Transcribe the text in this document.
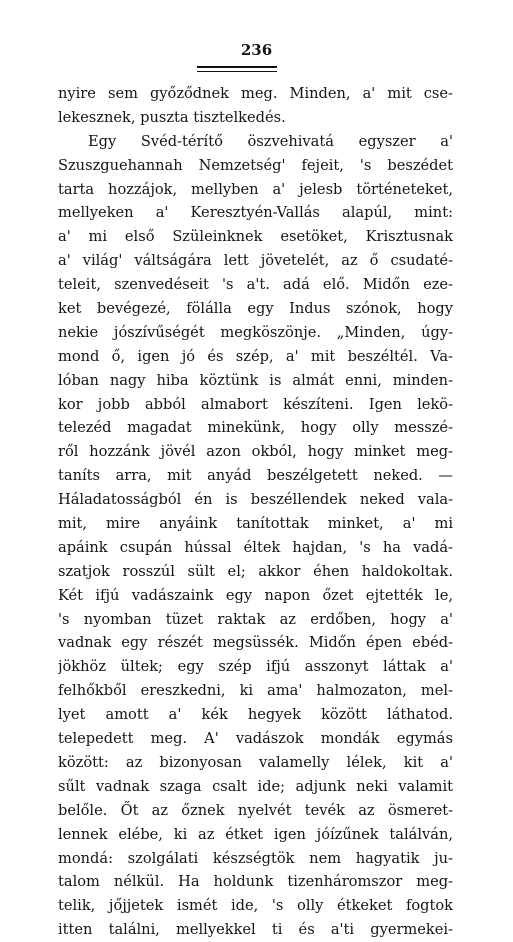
236
nyire sem győződnek meg. Minden, a' mit cse-
lekesznek, puszta tisztelkedés.
Egy Svéd-térítő öszvehivatá egyszer a'
Szuszguehannah Nemzetség' fejeit, 's beszédet
tarta hozzájok, mellyben a' jelesb történeteket,
mellyeken a' Keresztyén-Vallás alapúl, mint:
a' mi első Szüleinknek esetöket, Krisztusnak
a' világ' váltságára lett jövetelét, az ő csudaté-
teleit, szenvedéseit 's a't. adá elő. Midőn eze-
ket bevégezé, fölálla egy Indus szónok, hogy
nekie jószívűségét megköszönje. „Minden, úgy-
mond ő, igen jó és szép, a' mit beszéltél. Va-
lóban nagy hiba köztünk is almát enni, minden-
kor jobb abból almabort készíteni. Igen lekö-
telezéd magadat minekünk, hogy olly messzé-
ről hozzánk jövél azon okból, hogy minket meg-
taníts arra, mit anyád beszélgetett neked. —
Háladatosságból én is beszéllendek neked vala-
mit, mire anyáink tanítottak minket, a' mi
apáink csupán hússal éltek hajdan, 's ha vadá-
szatjok rosszúl sült el; akkor éhen haldokoltak.
Két ifjú vadászaink egy napon őzet ejtették le,
's nyomban tüzet raktak az erdőben, hogy a'
vadnak egy részét megsüssék. Midőn épen ebéd-
jökhöz ültek; egy szép ifjú asszonyt láttak a'
felhőkből ereszkedni, ki ama' halmozaton, mel-
lyet amott a' kék hegyek között láthatod.
telepedett meg. A' vadászok mondák egymás
között: az bizonyosan valamelly lélek, kit a'
sűlt vadnak szaga csalt ide; adjunk neki valamit
belőle. Őt az őznek nyelvét tevék az ösmeret-
lennek elébe, ki az étket igen jóízűnek találván,
mondá: szolgálati készségtök nem hagyatik ju-
talom nélkül. Ha holdunk tizenháromszor meg-
telik, jőjjetek ismét ide, 's olly étkeket fogtok
itten találni, mellyekkel ti és a'ti gyermekei-
